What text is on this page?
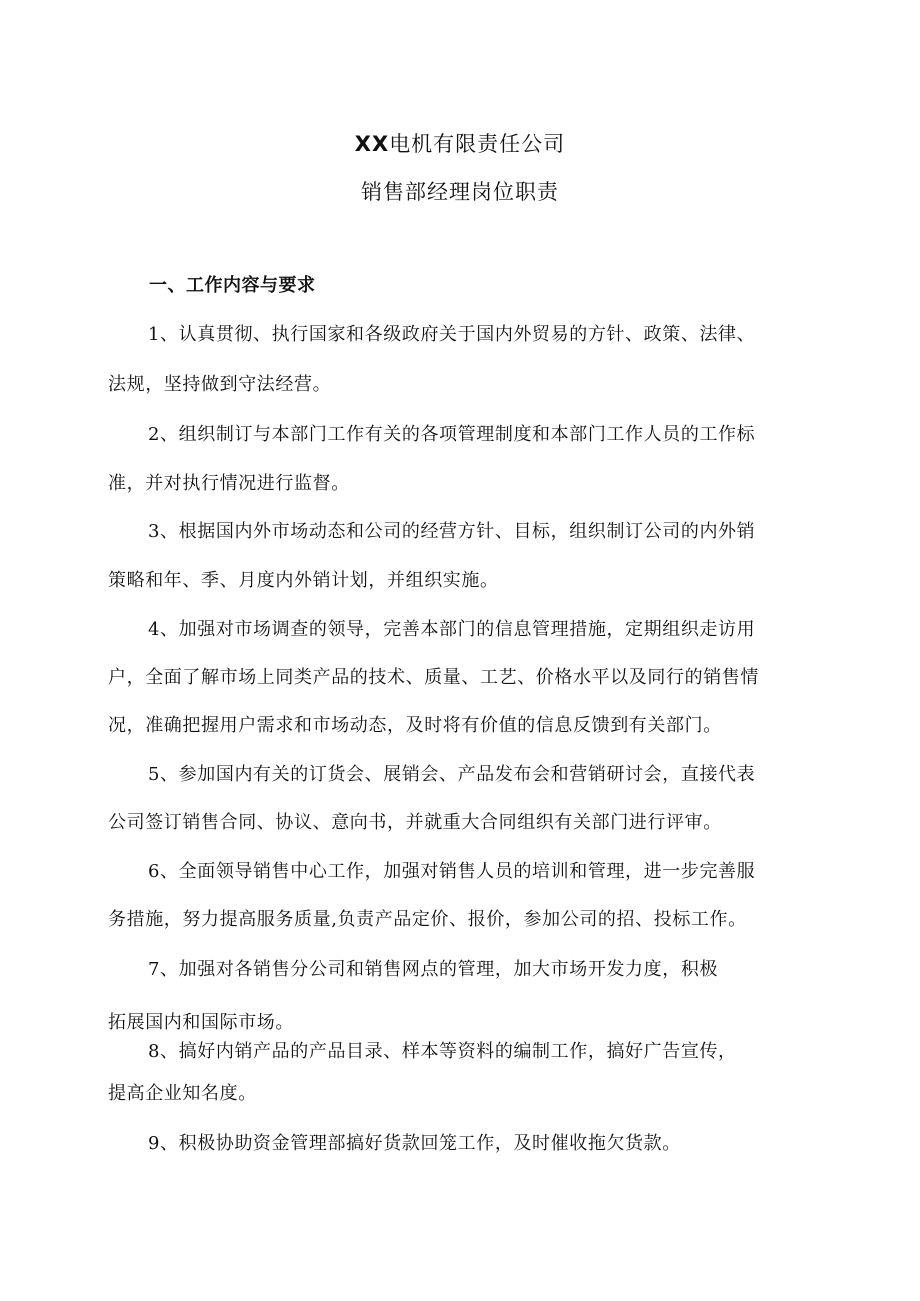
XX电机有限责任公司
销售部经理岗位职责
一、工作内容与要求
1、认真贯彻、执行国家和各级政府关于国内外贸易的方针、政策、法律、
法规，坚持做到守法经营。
2、组织制订与本部门工作有关的各项管理制度和本部门工作人员的工作标
准，并对执行情况进行监督。
3、根据国内外市场动态和公司的经营方针、目标，组织制订公司的内外销
策略和年、季、月度内外销计划，并组织实施。
4、加强对市场调查的领导，完善本部门的信息管理措施，定期组织走访用
户，全面了解市场上同类产品的技术、质量、工艺、价格水平以及同行的销售情
况，准确把握用户需求和市场动态，及时将有价值的信息反馈到有关部门。
5、参加国内有关的订货会、展销会、产品发布会和营销研讨会，直接代表
公司签订销售合同、协议、意向书，并就重大合同组织有关部门进行评审。
6、全面领导销售中心工作，加强对销售人员的培训和管理，进一步完善服
务措施，努力提高服务质量,负责产品定价、报价，参加公司的招、投标工作。
7、加强对各销售分公司和销售网点的管理，加大市场开发力度，积极
拓展国内和国际市场。
8、搞好内销产品的产品目录、样本等资料的编制工作，搞好广告宣传，
提高企业知名度。
9、积极协助资金管理部搞好货款回笼工作，及时催收拖欠货款。
